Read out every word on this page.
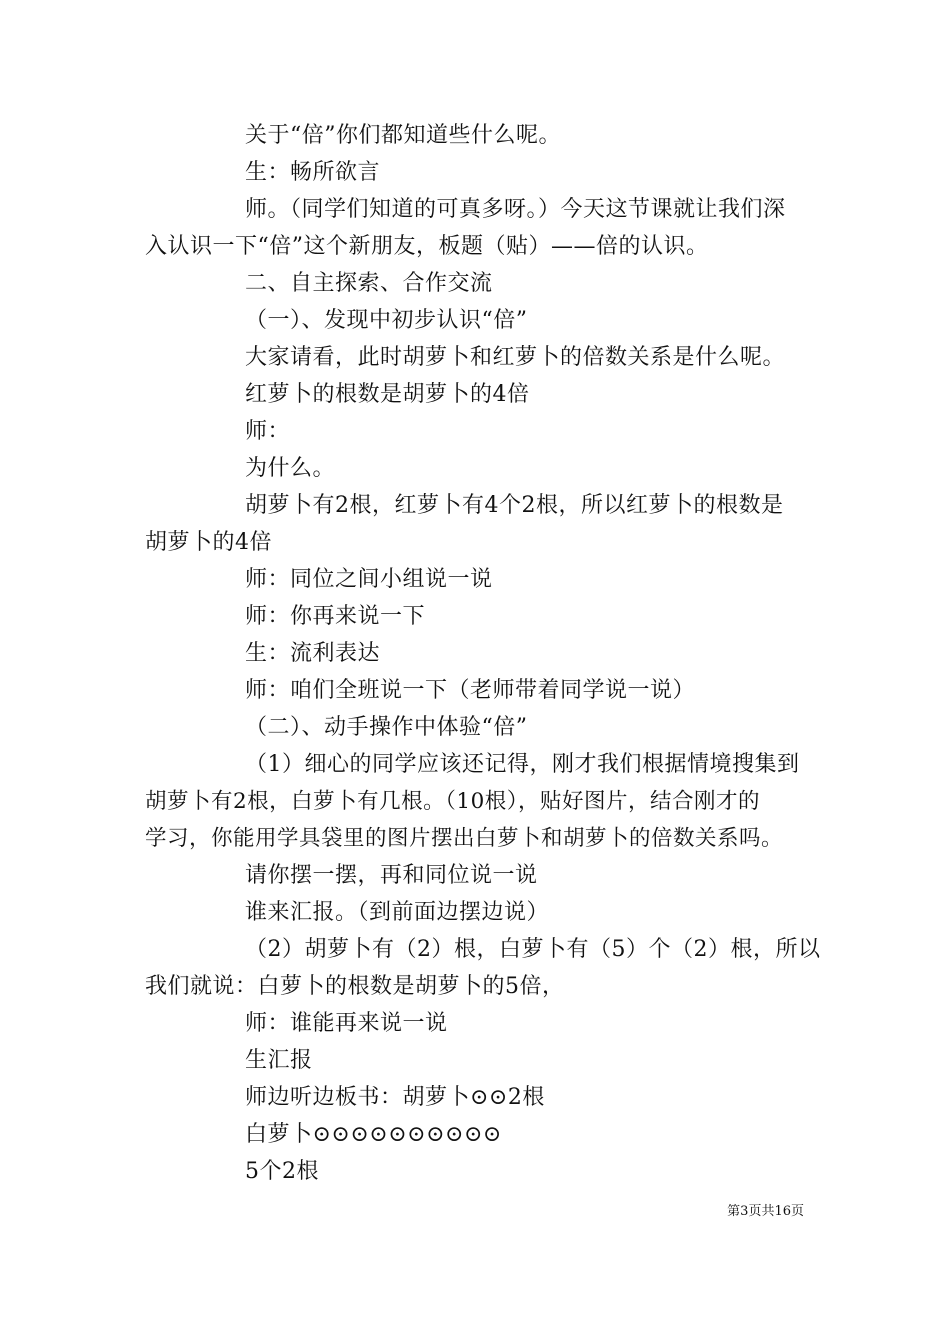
关于“倍”你们都知道些什么呢。
生：畅所欲言
师。（同学们知道的可真多呀。）今天这节课就让我们深
入认识一下“倍”这个新朋友，板题（贴）——倍的认识。
二、自主探索、合作交流
（一）、发现中初步认识“倍”
大家请看，此时胡萝卜和红萝卜的倍数关系是什么呢。
红萝卜的根数是胡萝卜的4倍
师：
为什么。
胡萝卜有2根，红萝卜有4个2根，所以红萝卜的根数是
胡萝卜的4倍
师：同位之间小组说一说
师：你再来说一下
生：流利表达
师：咱们全班说一下（老师带着同学说一说）
（二）、动手操作中体验“倍”
（1）细心的同学应该还记得，刚才我们根据情境搜集到
胡萝卜有2根，白萝卜有几根。（10根），贴好图片，结合刚才的
学习，你能用学具袋里的图片摆出白萝卜和胡萝卜的倍数关系吗。
请你摆一摆，再和同位说一说
谁来汇报。（到前面边摆边说）
（2）胡萝卜有（2）根，白萝卜有（5）个（2）根，所以
我们就说：白萝卜的根数是胡萝卜的5倍，
师：谁能再来说一说
生汇报
师边听边板书：胡萝卜⊙⊙2根
白萝卜⊙⊙⊙⊙⊙⊙⊙⊙⊙⊙
5个2根
第3页共16页
